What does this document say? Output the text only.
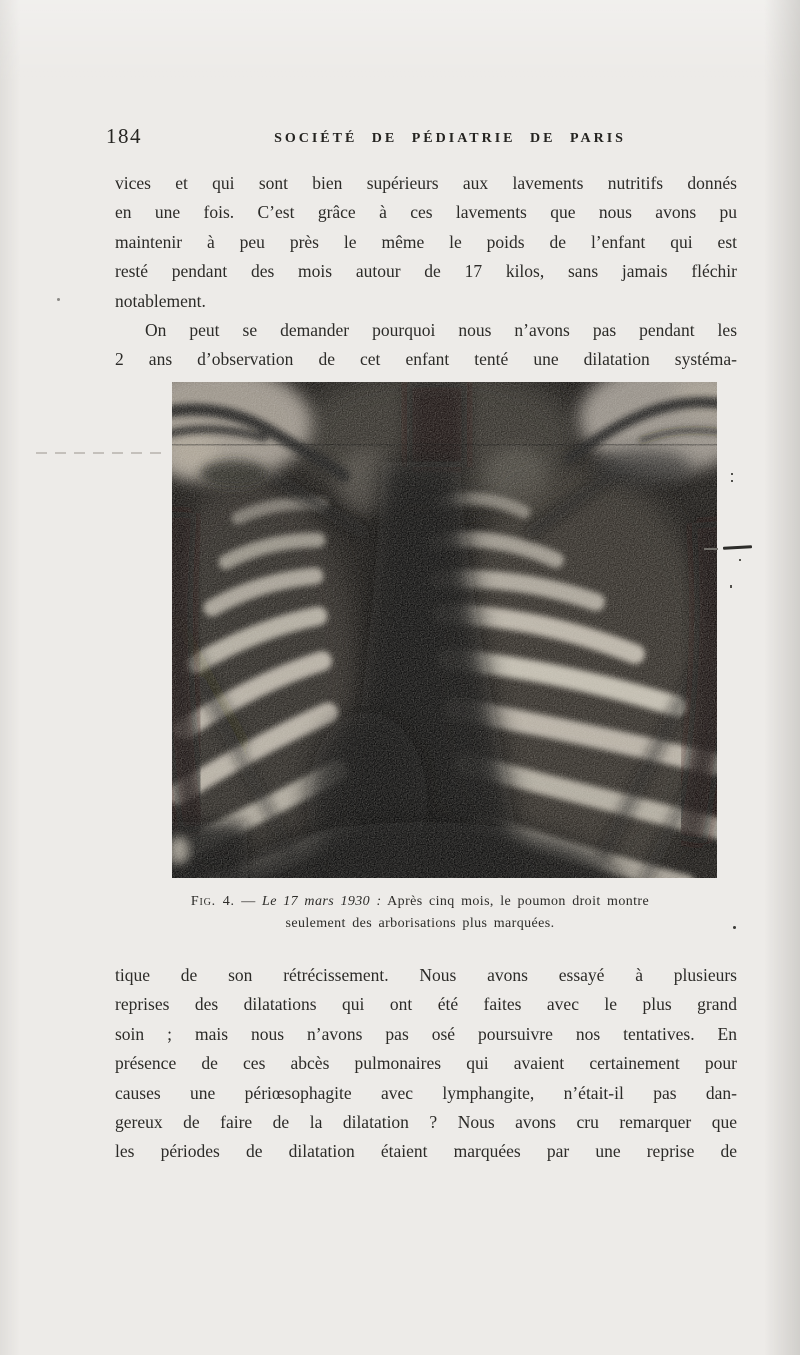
184	SOCIÉTÉ DE PÉDIATRIE DE PARIS
vices et qui sont bien supérieurs aux lavements nutritifs donnés
en une fois. C’est grâce à ces lavements que nous avons pu
maintenir à peu près le même le poids de l’enfant qui est
resté pendant des mois autour de 17 kilos, sans jamais fléchir
notablement.
On peut se demander pourquoi nous n’avons pas pendant les
2 ans d’observation de cet enfant tenté une dilatation systéma-
Fig. 4. — Le 17 mars 1930 : Après cinq mois, le poumon droit montre
seulement des arborisations plus marquées.
tique de son rétrécissement. Nous avons essayé à plusieurs
reprises des dilatations qui ont été faites avec le plus grand
soin ; mais nous n’avons pas osé poursuivre nos tentatives. En
présence de ces abcès pulmonaires qui avaient certainement pour
causes une périœsophagite avec lymphangite, n’était-il pas dan-
gereux de faire de la dilatation ? Nous avons cru remarquer que
les périodes de dilatation étaient marquées par une reprise de
